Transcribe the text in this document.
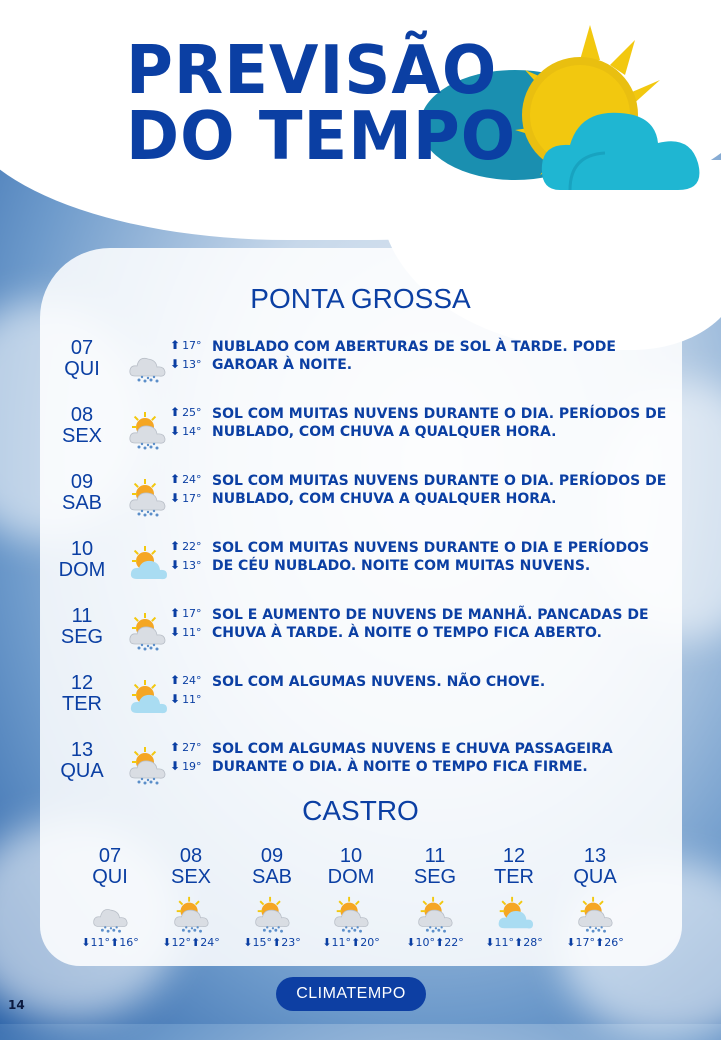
PREVISÃO
DO TEMPO
PONTA GROSSA
07
QUI
⬆ 17°
⬇ 13°
NUBLADO COM ABERTURAS DE SOL À TARDE. PODE GAROAR À NOITE.
08
SEX
⬆ 25°
⬇ 14°
SOL COM MUITAS NUVENS DURANTE O DIA. PERÍODOS DE NUBLADO, COM CHUVA A QUALQUER HORA.
09
SAB
⬆ 24°
⬇ 17°
SOL COM MUITAS NUVENS DURANTE O DIA. PERÍODOS DE NUBLADO, COM CHUVA A QUALQUER HORA.
10
DOM
⬆ 22°
⬇ 13°
SOL COM MUITAS NUVENS DURANTE O DIA E PERÍODOS DE CÉU NUBLADO. NOITE COM MUITAS NUVENS.
11
SEG
⬆ 17°
⬇ 11°
SOL E AUMENTO DE NUVENS DE MANHÃ. PANCADAS DE CHUVA À TARDE. À NOITE O TEMPO FICA ABERTO.
12
TER
⬆ 24°
⬇ 11°
SOL COM ALGUMAS NUVENS. NÃO CHOVE.
13
QUA
⬆ 27°
⬇ 19°
SOL COM ALGUMAS NUVENS E CHUVA PASSAGEIRA DURANTE O DIA. À NOITE O TEMPO FICA FIRME.
CASTRO
07
QUI
⬇11°⬆16°
08
SEX
⬇12°⬆24°
09
SAB
⬇15°⬆23°
10
DOM
⬇11°⬆20°
11
SEG
⬇10°⬆22°
12
TER
⬇11°⬆28°
13
QUA
⬇17°⬆26°
CLIMATEMPO
14
